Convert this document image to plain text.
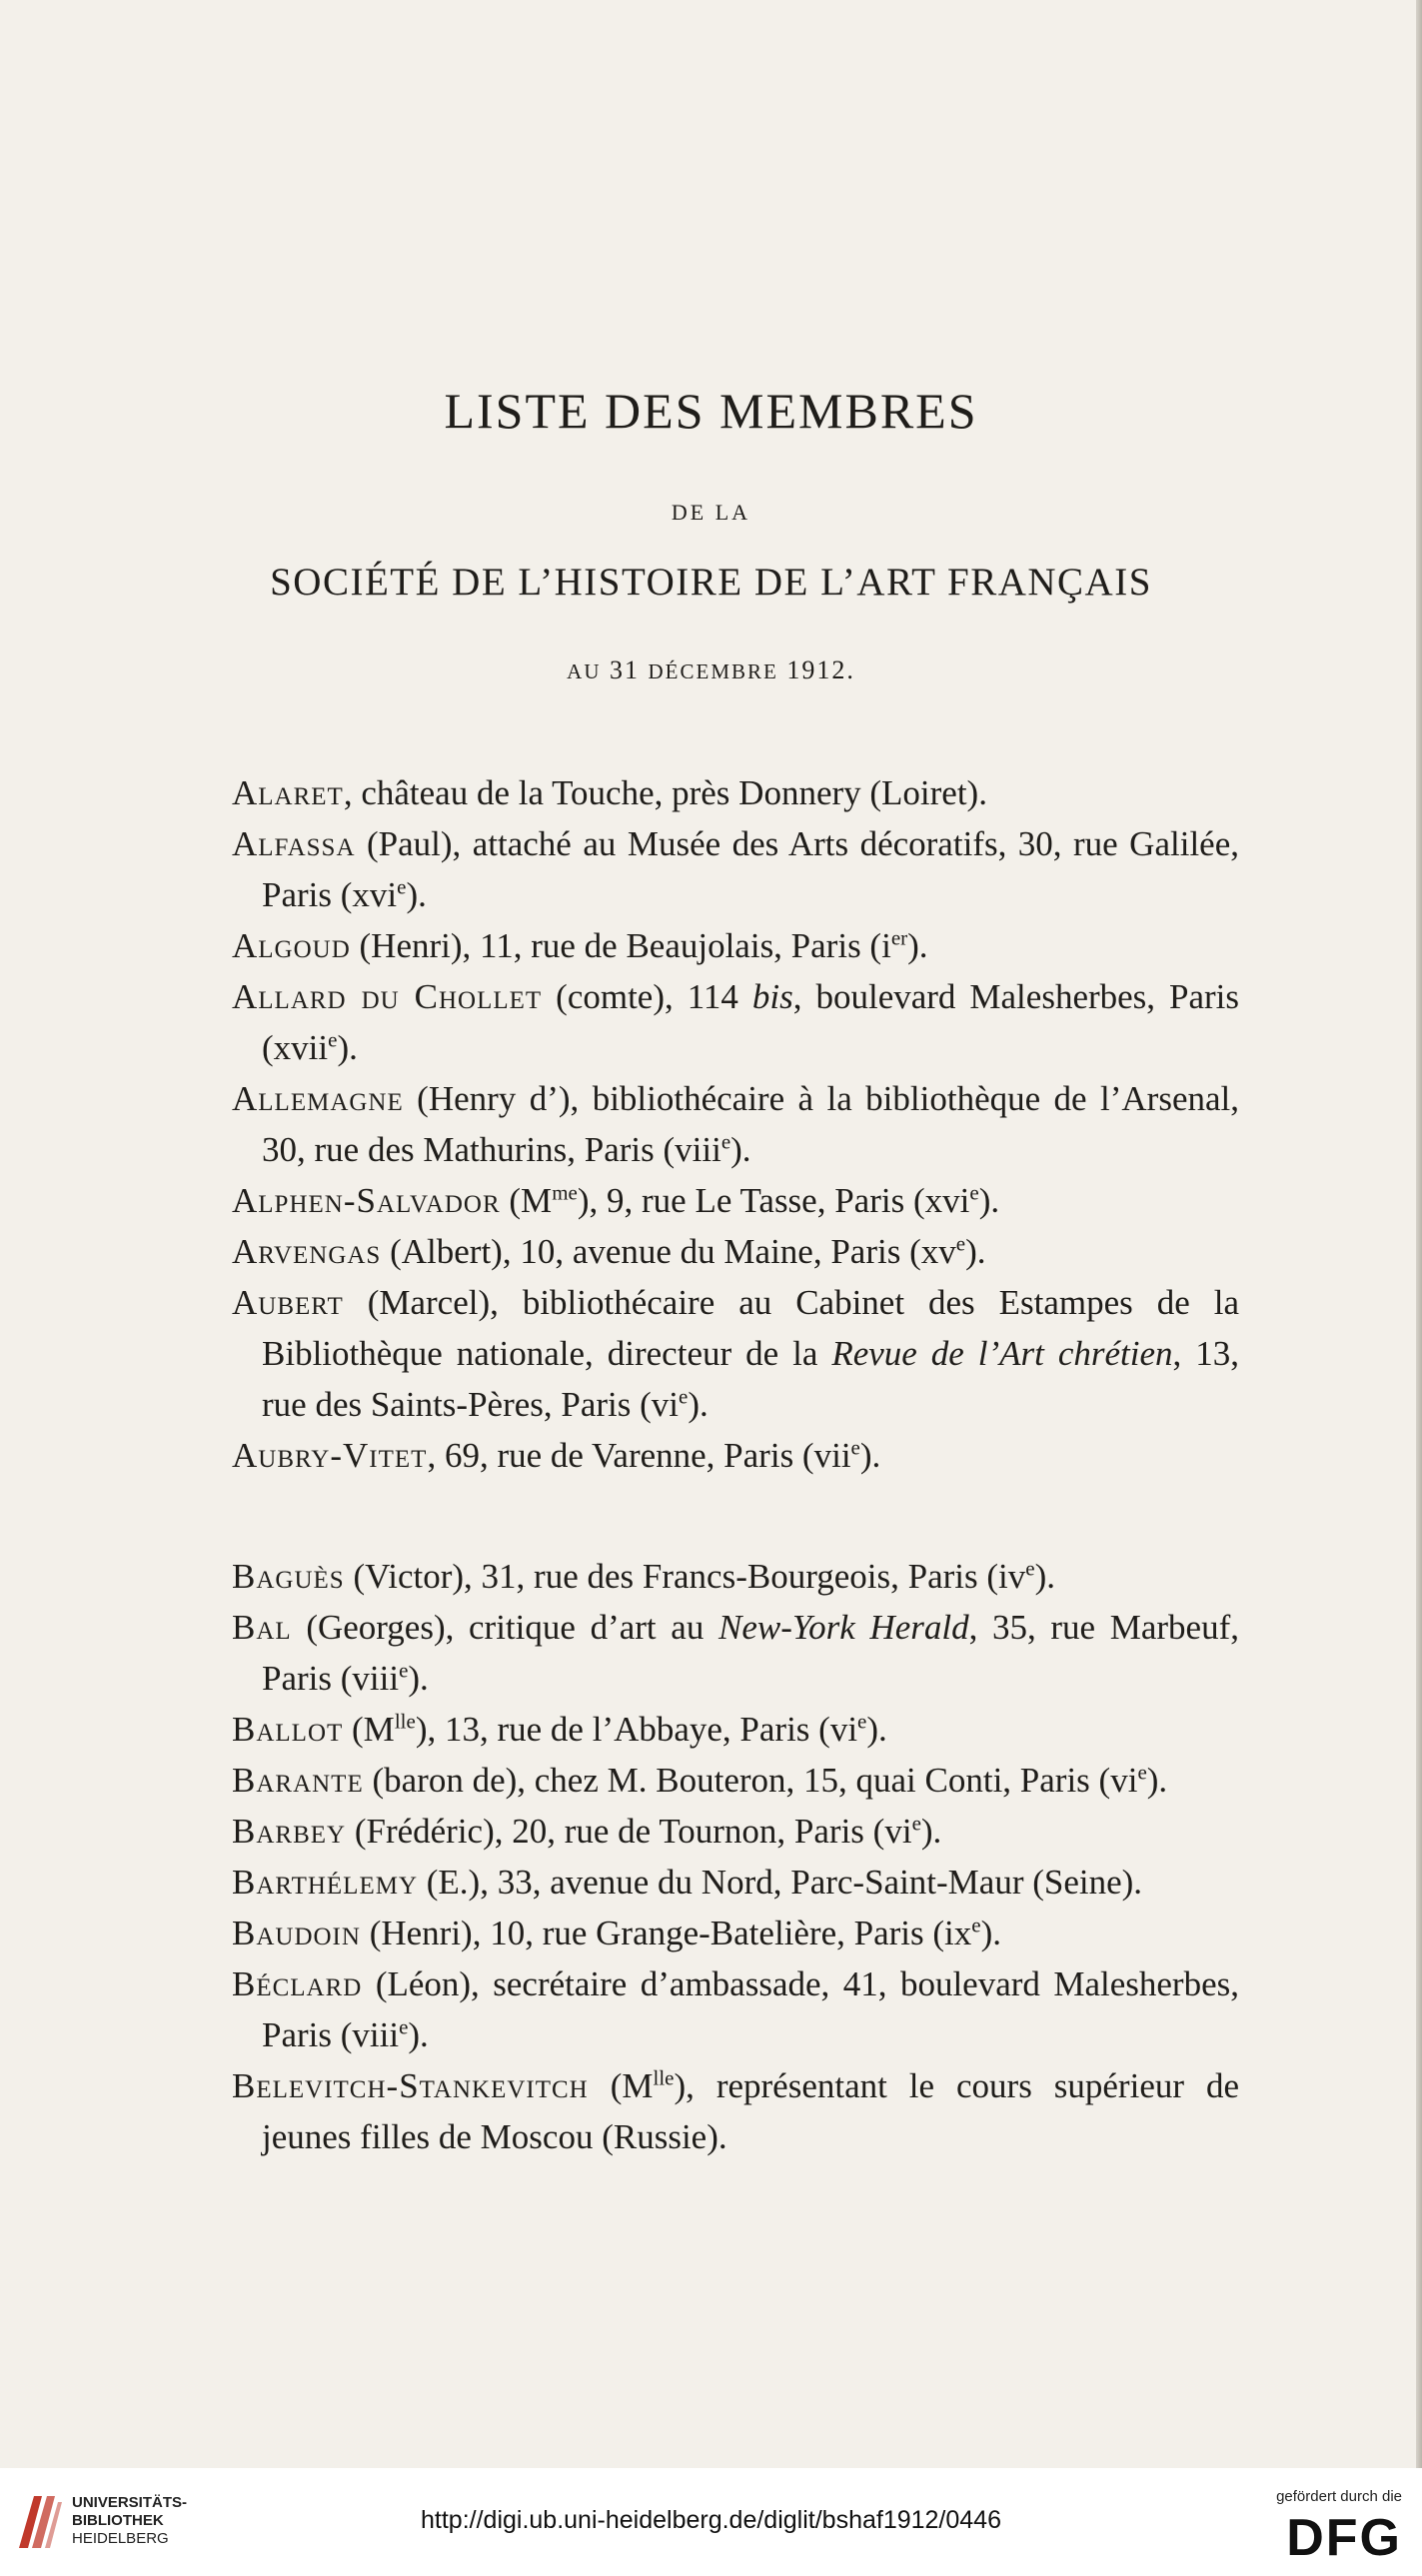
LISTE DES MEMBRES
DE LA
SOCIÉTÉ DE L’HISTOIRE DE L’ART FRANÇAIS
AU 31 DÉCEMBRE 1912.
Alaret, château de la Touche, près Donnery (Loiret).
Alfassa (Paul), attaché au Musée des Arts décoratifs, 30, rue Galilée, Paris (xvi$^e$).
Algoud (Henri), 11, rue de Beaujolais, Paris $(i^{er})$.
Allard du Chollet (comte), 114 bis, boulevard Malesherbes, Paris (xvii$^e$).
Allemagne (Henry d’), bibliothécaire à la bibliothèque de l’Arsenal, 30, rue des Mathurins, Paris (viii$^e$).
Alphen-Salvador $(M^{me})$, 9, rue Le Tasse, Paris (xvi$^e$).
Arvengas (Albert), 10, avenue du Maine, Paris $(xv^e)$.
Aubert (Marcel), bibliothécaire au Cabinet des Estampes de la Bibliothèque nationale, directeur de la Revue de l’Art chrétien, 13, rue des Saints-Pères, Paris $(vi^e)$.
Aubry-Vitet, 69, rue de Varenne, Paris (vii$^e$).
Baguès (Victor), 31, rue des Francs-Bourgeois, Paris $(iv^e)$.
Bal (Georges), critique d’art au New-York Herald, 35, rue Marbeuf, Paris (viii$^e$).
Ballot $(M^{lle})$, 13, rue de l’Abbaye, Paris $(vi^e)$.
Barante (baron de), chez M. Bouteron, 15, quai Conti, Paris $(vi^e)$.
Barbey (Frédéric), 20, rue de Tournon, Paris $(vi^e)$.
Barthélemy (E.), 33, avenue du Nord, Parc-Saint-Maur (Seine).
Baudoin (Henri), 10, rue Grange-Batelière, Paris $(ix^e)$.
Béclard (Léon), secrétaire d’ambassade, 41, boulevard Malesherbes, Paris (viii$^e$).
Belevitch-Stankevitch $(M^{lle})$, représentant le cours supérieur de jeunes filles de Moscou (Russie).
UNIVERSITÄTS-
BIBLIOTHEK
HEIDELBERG
http://digi.ub.uni-heidelberg.de/diglit/bshaf1912/0446
gefördert durch die
DFG
